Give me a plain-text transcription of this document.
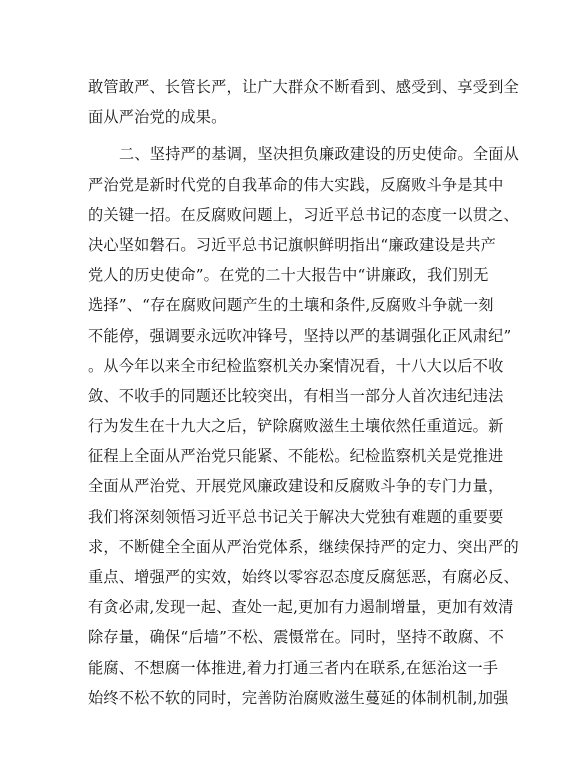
敢管敢严、长管长严，让广大群众不断看到、感受到、享受到全
面从严治党的成果。
二、坚持严的基调，坚决担负廉政建设的历史使命。全面从
严治党是新时代党的自我革命的伟大实践，反腐败斗争是其中
的关键一招。在反腐败问题上，习近平总书记的态度一以贯之、
决心坚如磐石。习近平总书记旗帜鲜明指出“廉政建设是共产
党人的历史使命”。在党的二十大报告中“讲廉政，我们别无
选择”、“存在腐败问题产生的土壤和条件,反腐败斗争就一刻
不能停，强调要永远吹冲锋号，坚持以严的基调强化正风肃纪”
。从今年以来全市纪检监察机关办案情况看，十八大以后不收
敛、不收手的同题还比较突出，有相当一部分人首次违纪违法
行为发生在十九大之后，铲除腐败滋生土壤依然任重道远。新
征程上全面从严治党只能紧、不能松。纪检监察机关是党推进
全面从严治党、开展党风廉政建设和反腐败斗争的专门力量，
我们将深刻领悟习近平总书记关于解决大党独有难题的重要要
求，不断健全全面从严治党体系，继续保持严的定力、突出严的
重点、增强严的实效，始终以零容忍态度反腐惩恶，有腐必反、
有贪必肃,发现一起、查处一起,更加有力遏制增量，更加有效清
除存量，确保“后墙”不松、震慑常在。同时，坚持不敢腐、不
能腐、不想腐一体推进,着力打通三者内在联系,在惩治这一手
始终不松不软的同时，完善防治腐败滋生蔓延的体制机制,加强
